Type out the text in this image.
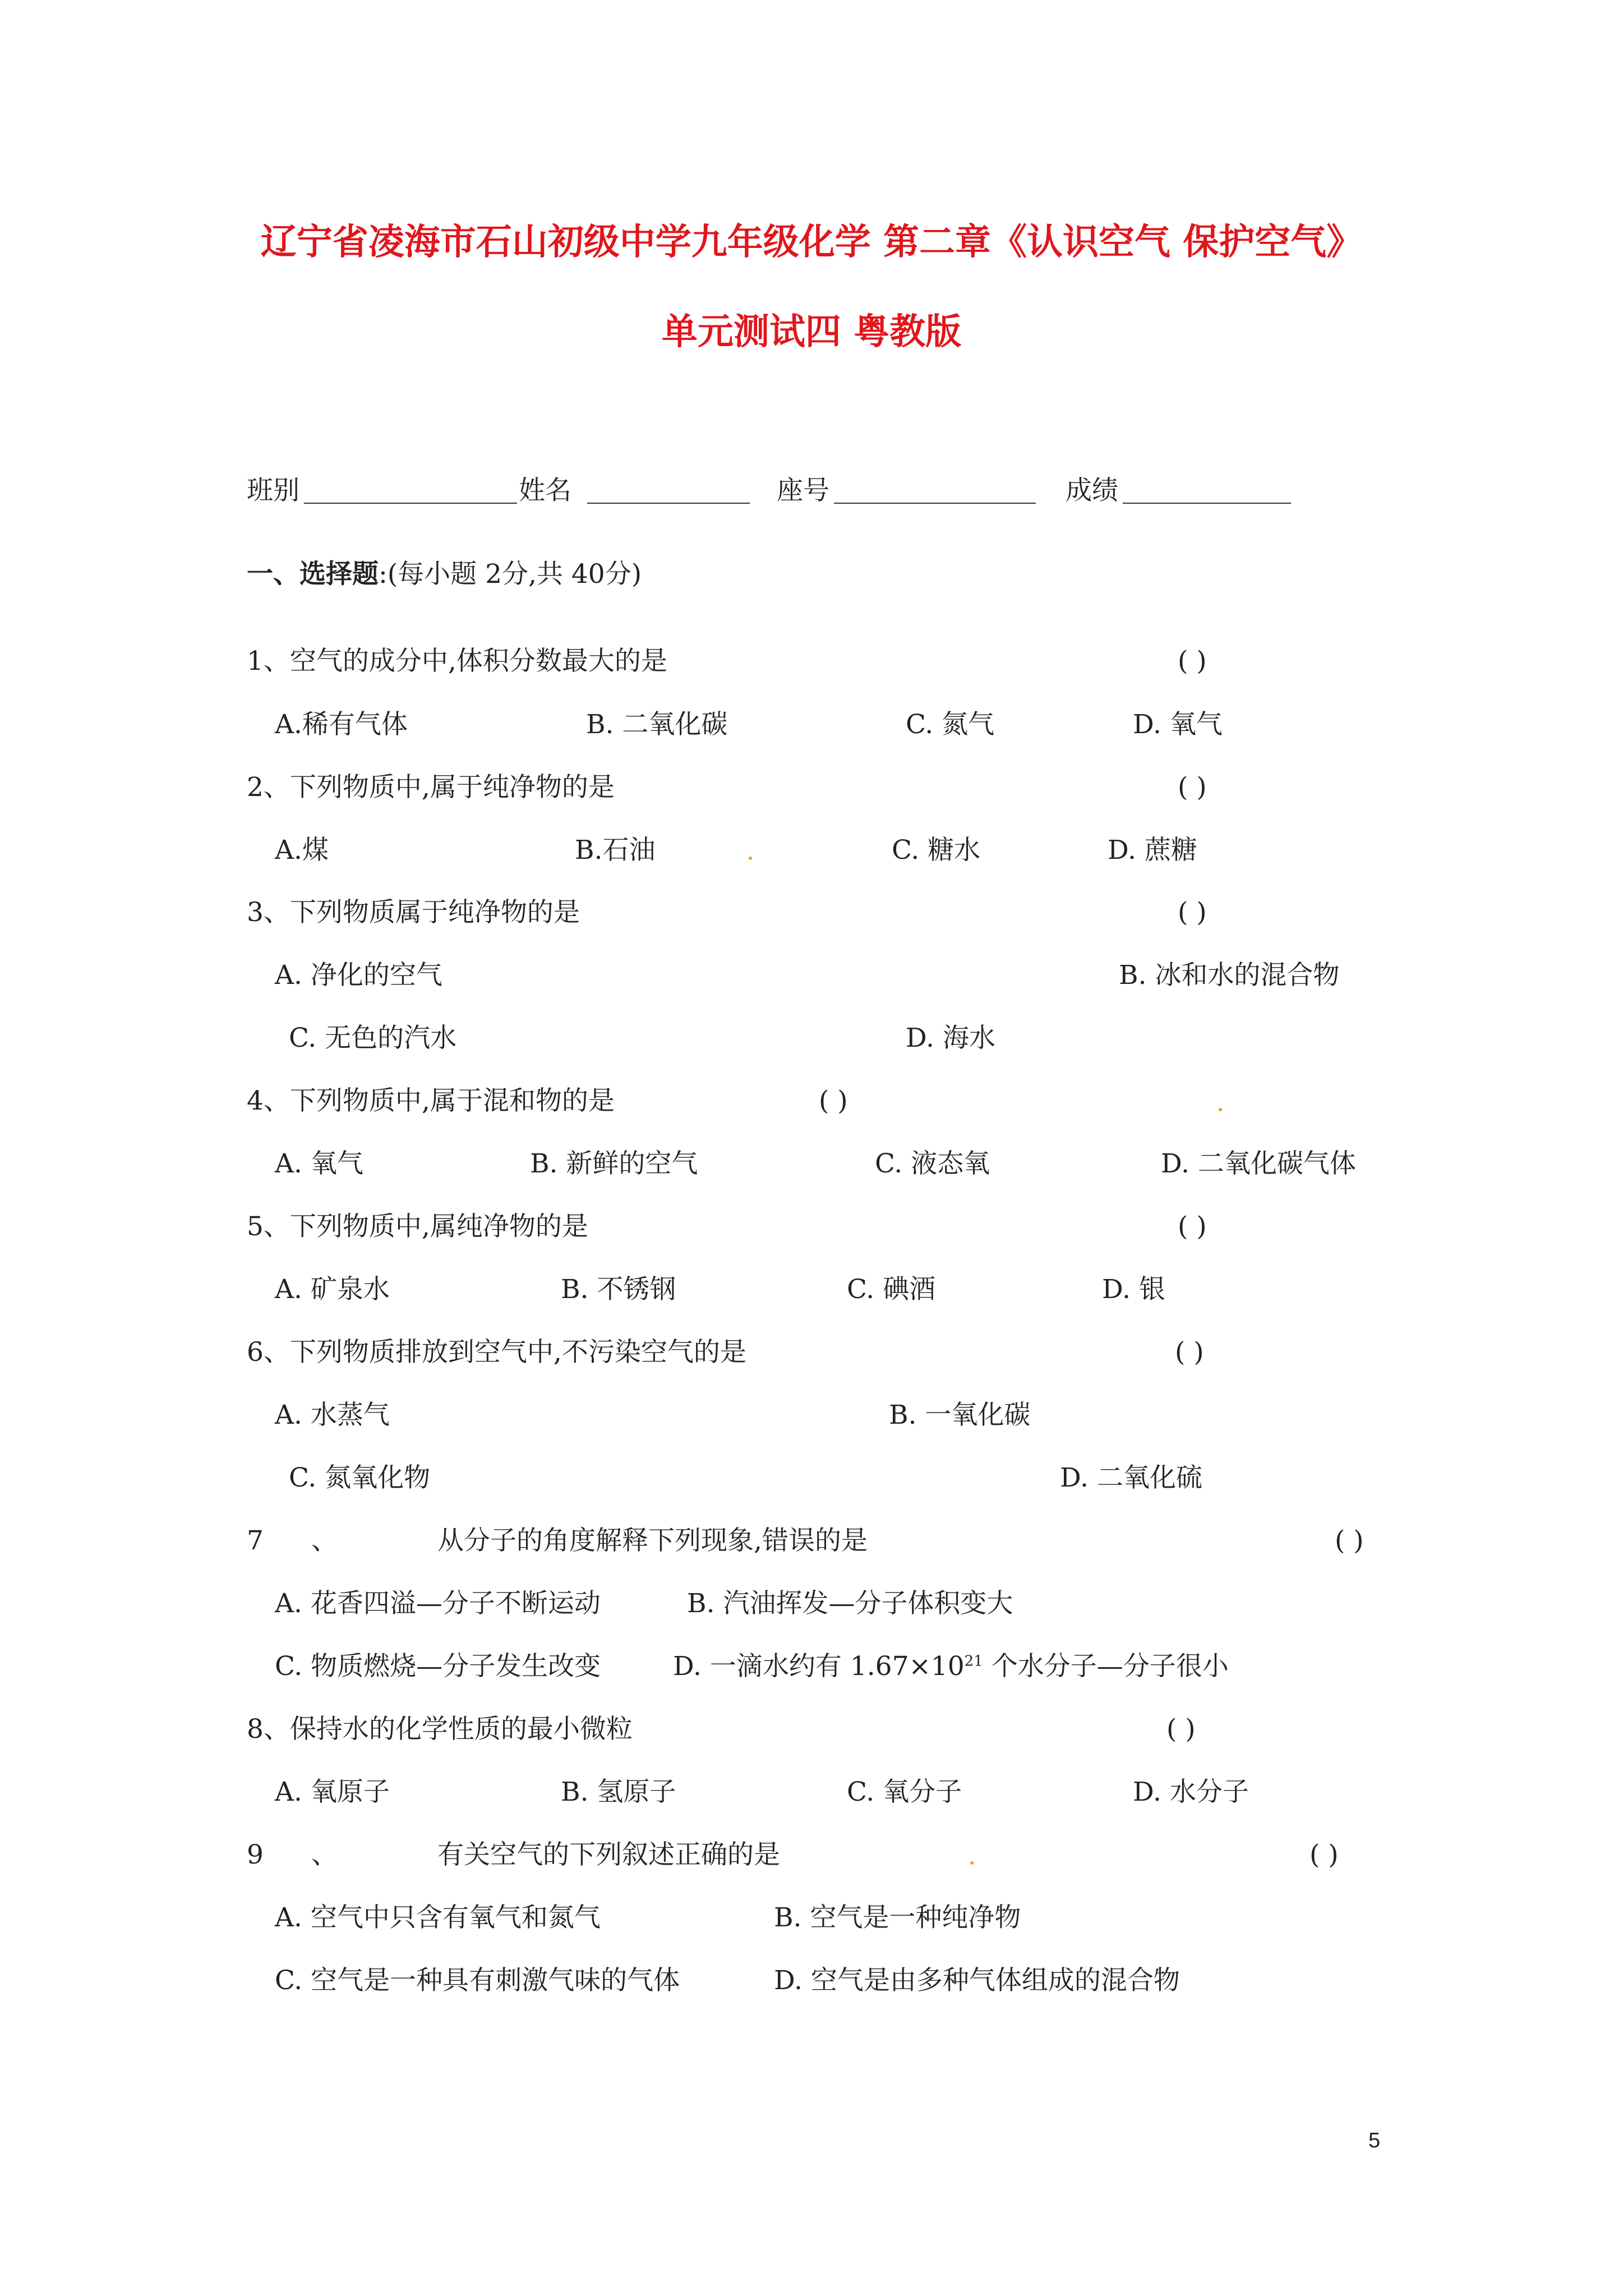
辽宁省凌海市石山初级中学九年级化学 第二章《认识空气 保护空气》
单元测试四 粤教版
班别	姓名	座号	成绩
一、选择题:(每小题 2分,共 40分)
1、空气的成分中,体积分数最大的是	( )
A.稀有气体	B. 二氧化碳	C. 氮气	D. 氧气
2、下列物质中,属于纯净物的是	( )
A.煤	B.石油	C. 糖水	D. 蔗糖
3、下列物质属于纯净物的是	( )
A. 净化的空气	B. 冰和水的混合物
C. 无色的汽水	D. 海水
4、下列物质中,属于混和物的是	( )
A. 氧气	B. 新鲜的空气	C. 液态氧	D. 二氧化碳气体
5、下列物质中,属纯净物的是	( )
A. 矿泉水	B. 不锈钢	C. 碘酒	D. 银
6、下列物质排放到空气中,不污染空气的是	( )
A. 水蒸气	B. 一氧化碳
C. 氮氧化物	D. 二氧化硫
7 、	从分子的角度解释下列现象,错误的是	( )
A. 花香四溢—分子不断运动	B. 汽油挥发—分子体积变大
C. 物质燃烧—分子发生改变	D. 一滴水约有 $1.67\times 10^{21}$ 个水分子—分子很小
8、保持水的化学性质的最小微粒	( )
A. 氧原子	B. 氢原子	C. 氧分子	D. 水分子
9 、	有关空气的下列叙述正确的是	( )
A. 空气中只含有氧气和氮气	B. 空气是一种纯净物
C. 空气是一种具有刺激气味的气体	D. 空气是由多种气体组成的混合物
5
